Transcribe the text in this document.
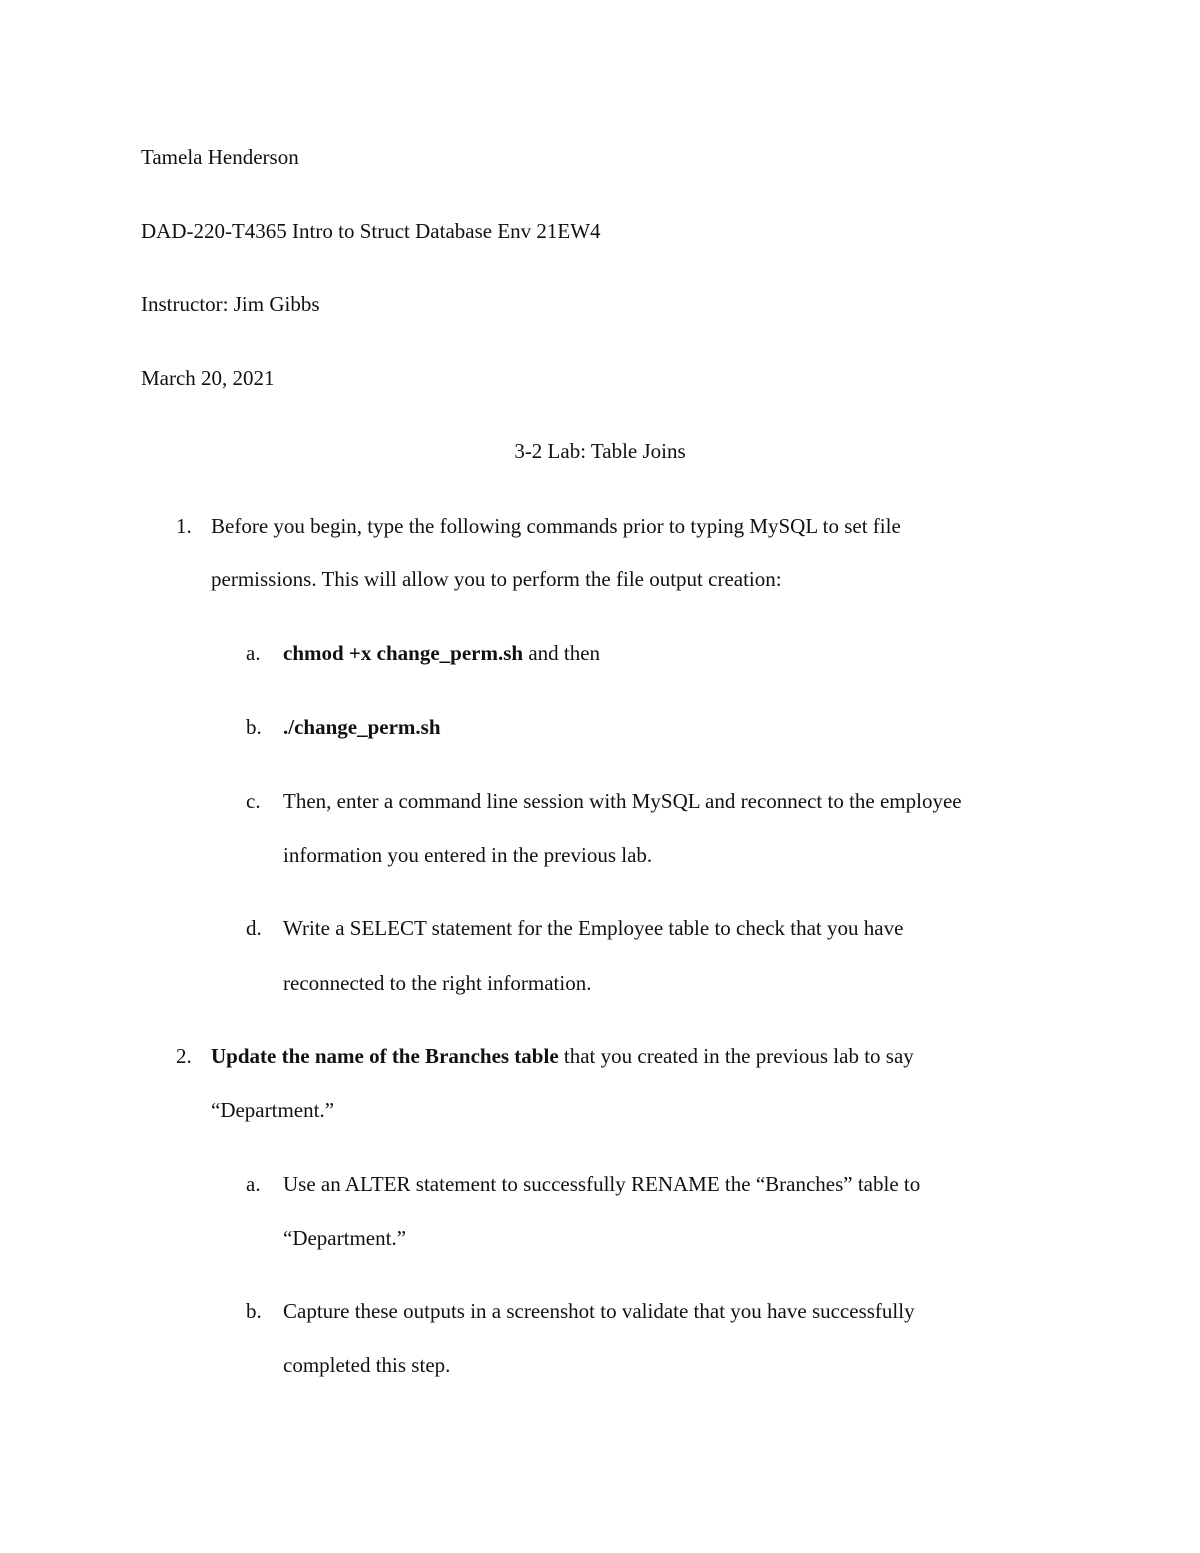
Tamela Henderson
DAD-220-T4365 Intro to Struct Database Env 21EW4
Instructor: Jim Gibbs
March 20, 2021
3-2 Lab: Table Joins
1. Before you begin, type the following commands prior to typing MySQL to set file
permissions. This will allow you to perform the file output creation:
a. chmod +x change_perm.sh and then
b. ./change_perm.sh
c. Then, enter a command line session with MySQL and reconnect to the employee
information you entered in the previous lab.
d. Write a SELECT statement for the Employee table to check that you have
reconnected to the right information.
2. Update the name of the Branches table that you created in the previous lab to say
“Department.”
a. Use an ALTER statement to successfully RENAME the “Branches” table to
“Department.”
b. Capture these outputs in a screenshot to validate that you have successfully
completed this step.
